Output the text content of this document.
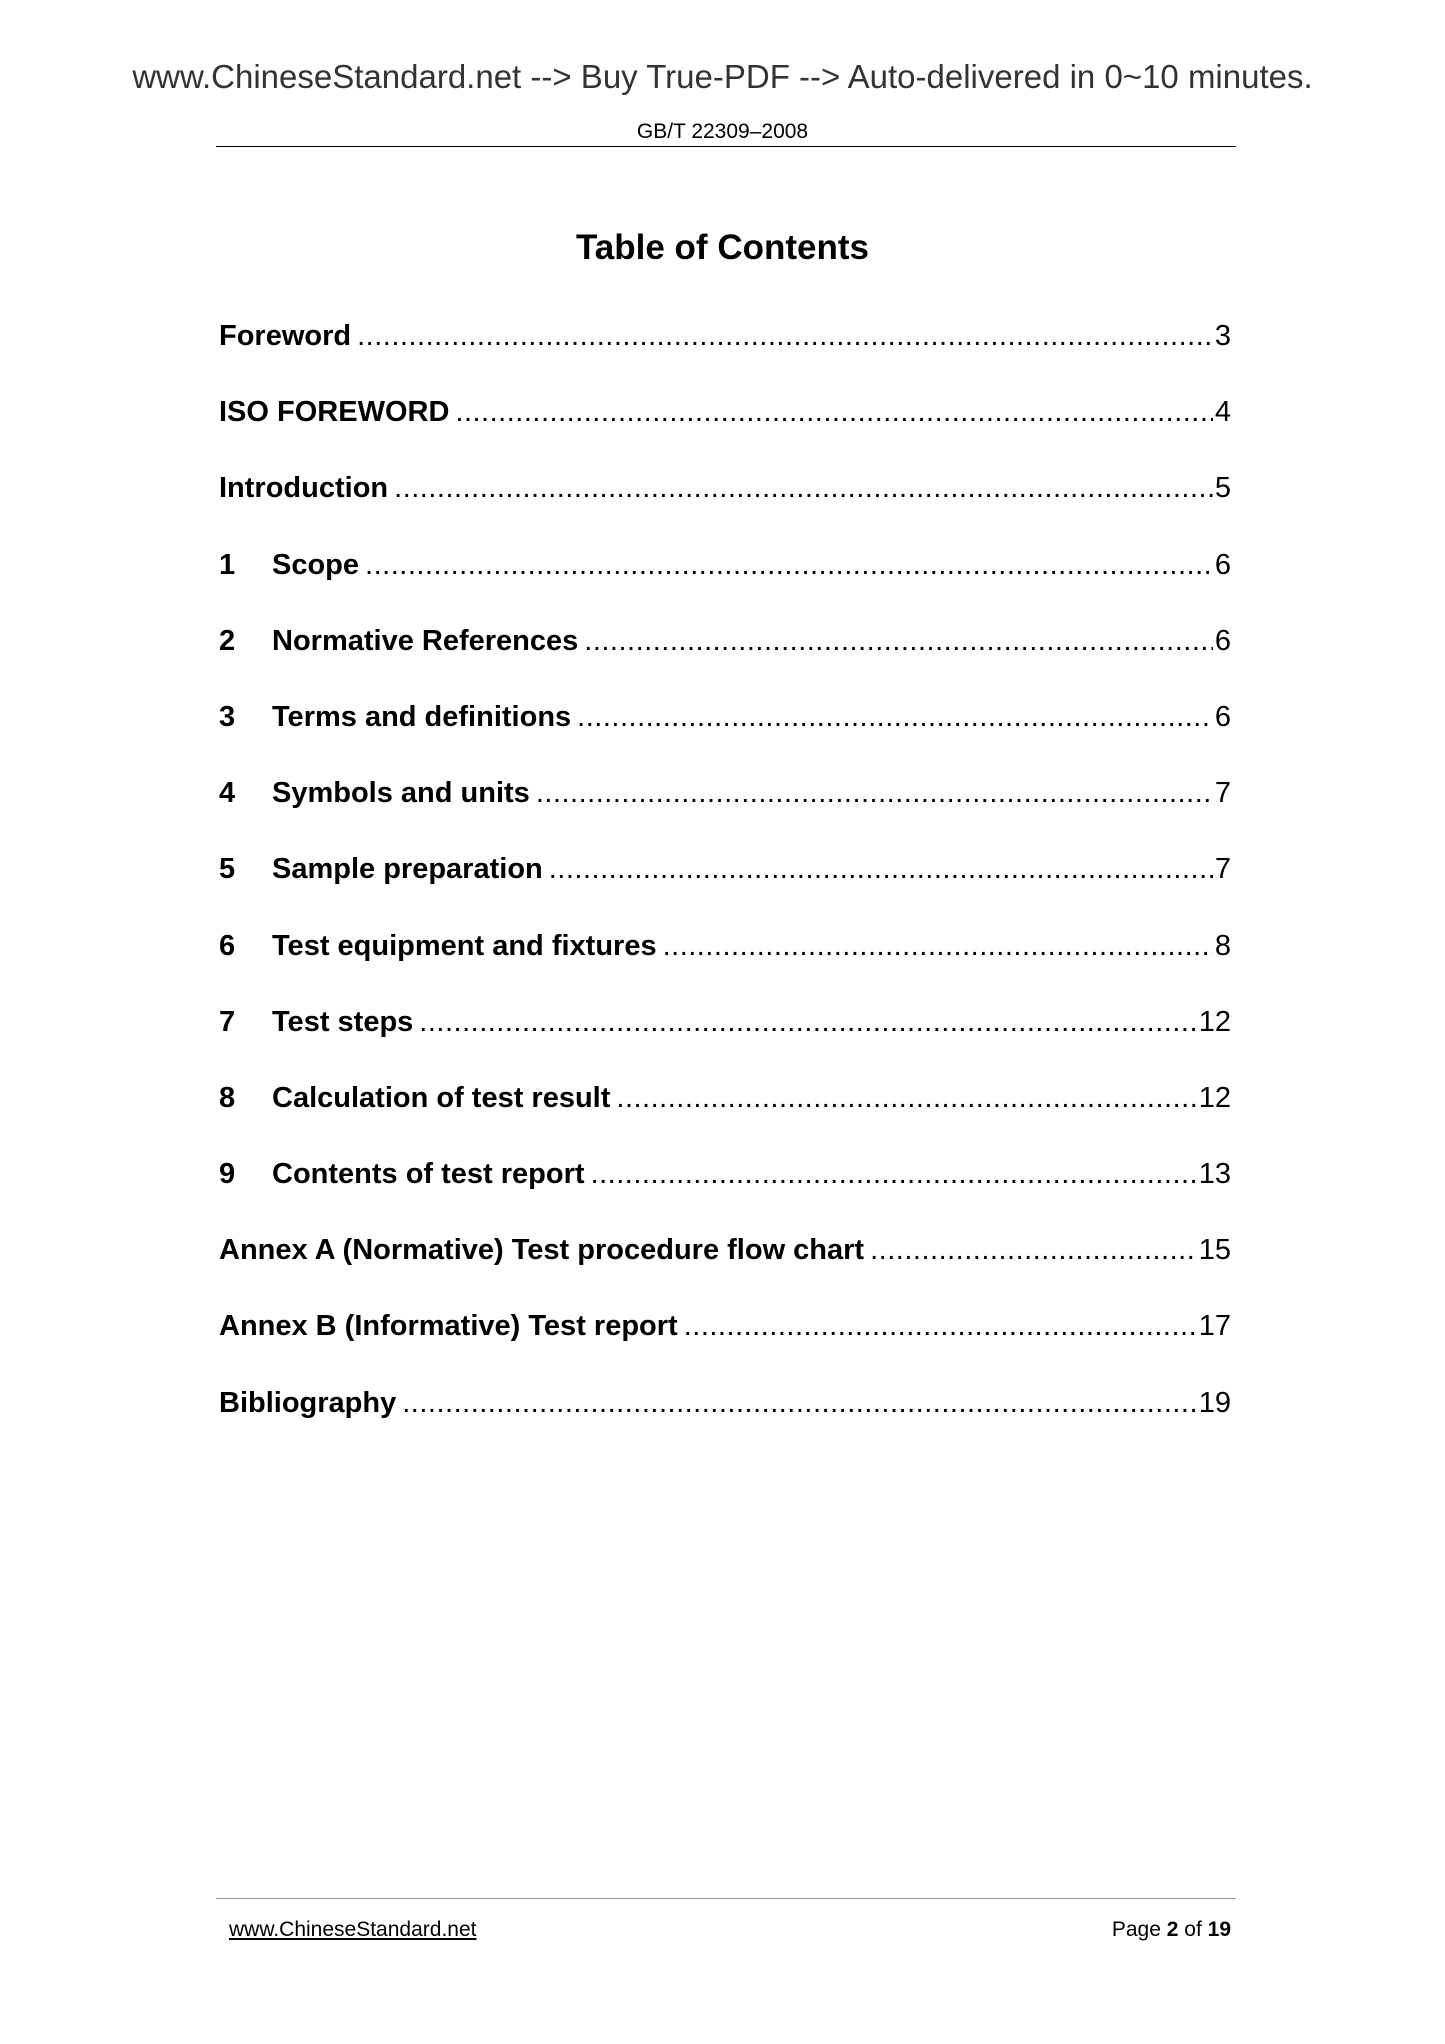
www.ChineseStandard.net --> Buy True-PDF --> Auto-delivered in 0~10 minutes.
GB/T 22309–2008
Table of Contents
Foreword .....	3
ISO FOREWORD .....	4
Introduction .....	5
1	Scope .....	6
2	Normative References .....	6
3	Terms and definitions .....	6
4	Symbols and units .....	7
5	Sample preparation .....	7
6	Test equipment and fixtures .....	8
7	Test steps .....	12
8	Calculation of test result .....	12
9	Contents of test report .....	13
Annex A (Normative) Test procedure flow chart .....	15
Annex B (Informative) Test report .....	17
Bibliography .....	19
www.ChineseStandard.net	Page 2 of 19
